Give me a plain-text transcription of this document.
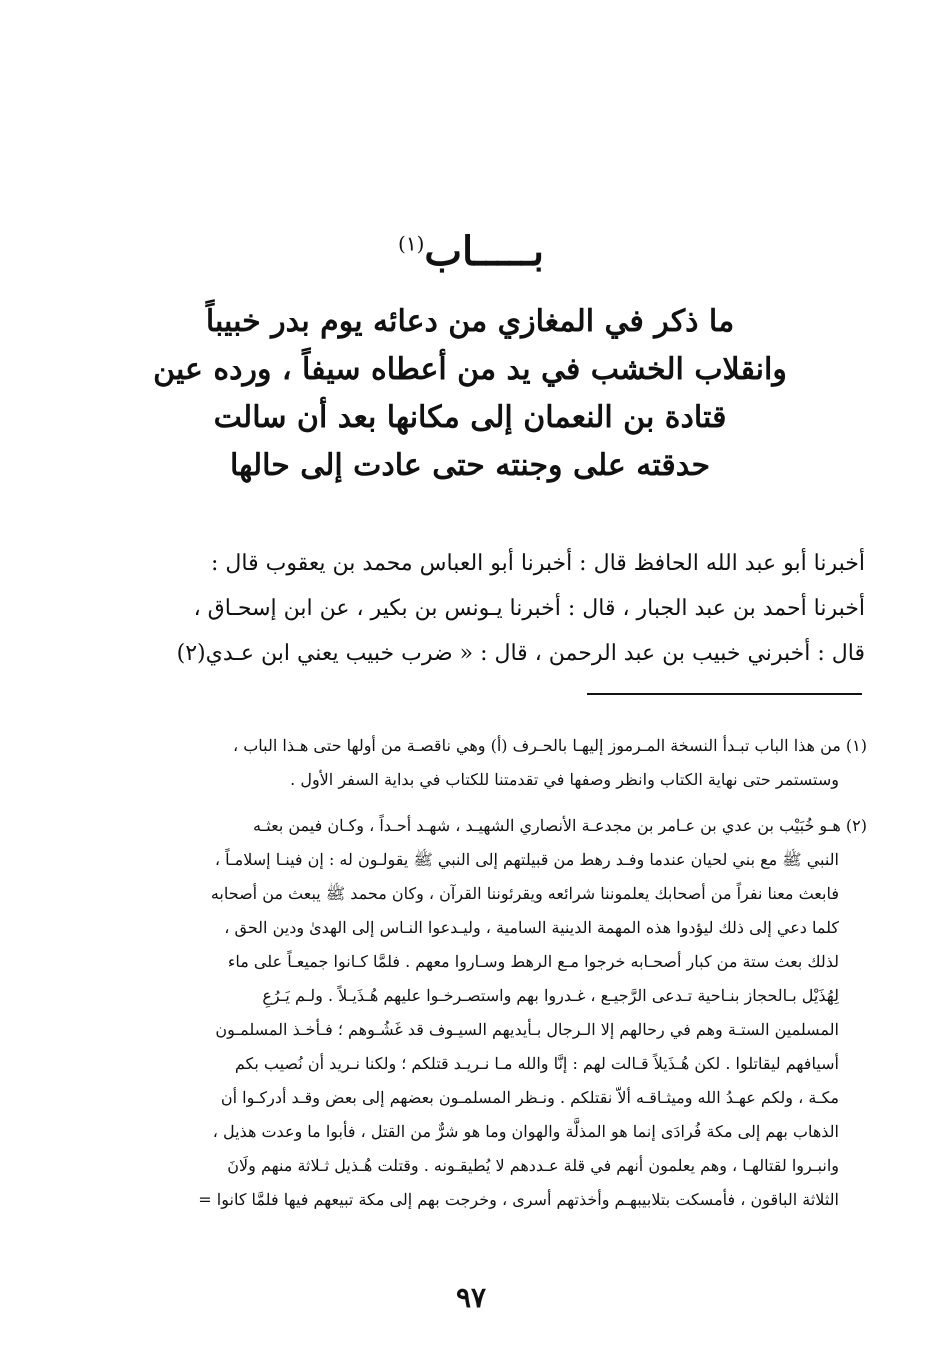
بـــــاب$^{(١)}$
ما ذكر في المغازي من دعائه يوم بدر خبيباً
وانقلاب الخشب في يد من أعطاه سيفاً ، ورده عين
قتادة بن النعمان إلى مكانها بعد أن سالت
حدقته على وجنته حتى عادت إلى حالها
أخبرنا أبو عبد الله الحافظ قال : أخبرنا أبو العباس محمد بن يعقوب قال :
أخبرنا أحمد بن عبد الجبار ، قال : أخبرنا يـونس بن بكير ، عن ابن إسحـاق ،
قال : أخبرني خبيب بن عبد الرحمن ، قال : « ضرب خبيب يعني ابن عـدي(٢)
(١) من هذا الباب تبـدأ النسخة المـرموز إليهـا بالحـرف (أ) وهي ناقصـة من أولها حتى هـذا الباب ،
وستستمر حتى نهاية الكتاب وانظر وصفها في تقدمتنا للكتاب في بداية السفر الأول .
(٢) هـو خُبَيْب بن عدي بن عـامر بن مجدعـة الأنصاري الشهيـد ، شهـد أحـداً ، وكـان فيمن بعثـه
النبي ﷺ مع بني لحيان عندما وفـد رهط من قبيلتهم إلى النبي ﷺ يقولـون له : إن فينـا إسلامـاً ،
فابعث معنا نفراً من أصحابك يعلموننا شرائعه ويقرئوننا القرآن ، وكان محمد ﷺ يبعث من أصحابه
كلما دعي إلى ذلك ليؤدوا هذه المهمة الدينية السامية ، وليـدعوا النـاس إلى الهدىٰ ودين الحق ،
لذلك بعث ستة من كبار أصحـابه خرجوا مـع الرهط وسـاروا معهم . فلمَّا كـانوا جميعـاً على ماء
لِهُذَيْل بـالحجاز بنـاحية تـدعى الرَّجيـع ، غـدروا بهم واستصـرخـوا عليهم هُـذَيـلاً . ولـم يَـرُعِ
المسلمين الستـة وهم في رحالهم إلا الـرجال بـأيديهم السيـوف قد غَشُـوهم ؛ فـأخـذ المسلمـون
أسيافهم ليقاتلوا . لكن هُـذَيلاً قـالت لهم : إنَّا والله مـا نـريـد قتلكم ؛ ولكنا نـريد أن نُصيب بكم
مكـة ، ولكم عهـدُ الله وميثـاقـه ألاّ نقتلكم . ونـظر المسلمـون بعضهم إلى بعض وقـد أدركـوا أن
الذهاب بهم إلى مكة فُرادَى إنما هو المذلَّة والهوان وما هو شرٌّ من القتل ، فأبوا ما وعدت هذيل ،
وانبـروا لقتالهـا ، وهم يعلمون أنهم في قلة عـددهم لا يُطيقـونه . وقتلت هُـذيل ثـلاثة منهم ولَانَ
الثلاثة الباقون ، فأمسكت بتلابيبهـم وأخذتهم أسرى ، وخرجت بهم إلى مكة تبيعهم فيها فلمَّا كانوا =
٩٧
